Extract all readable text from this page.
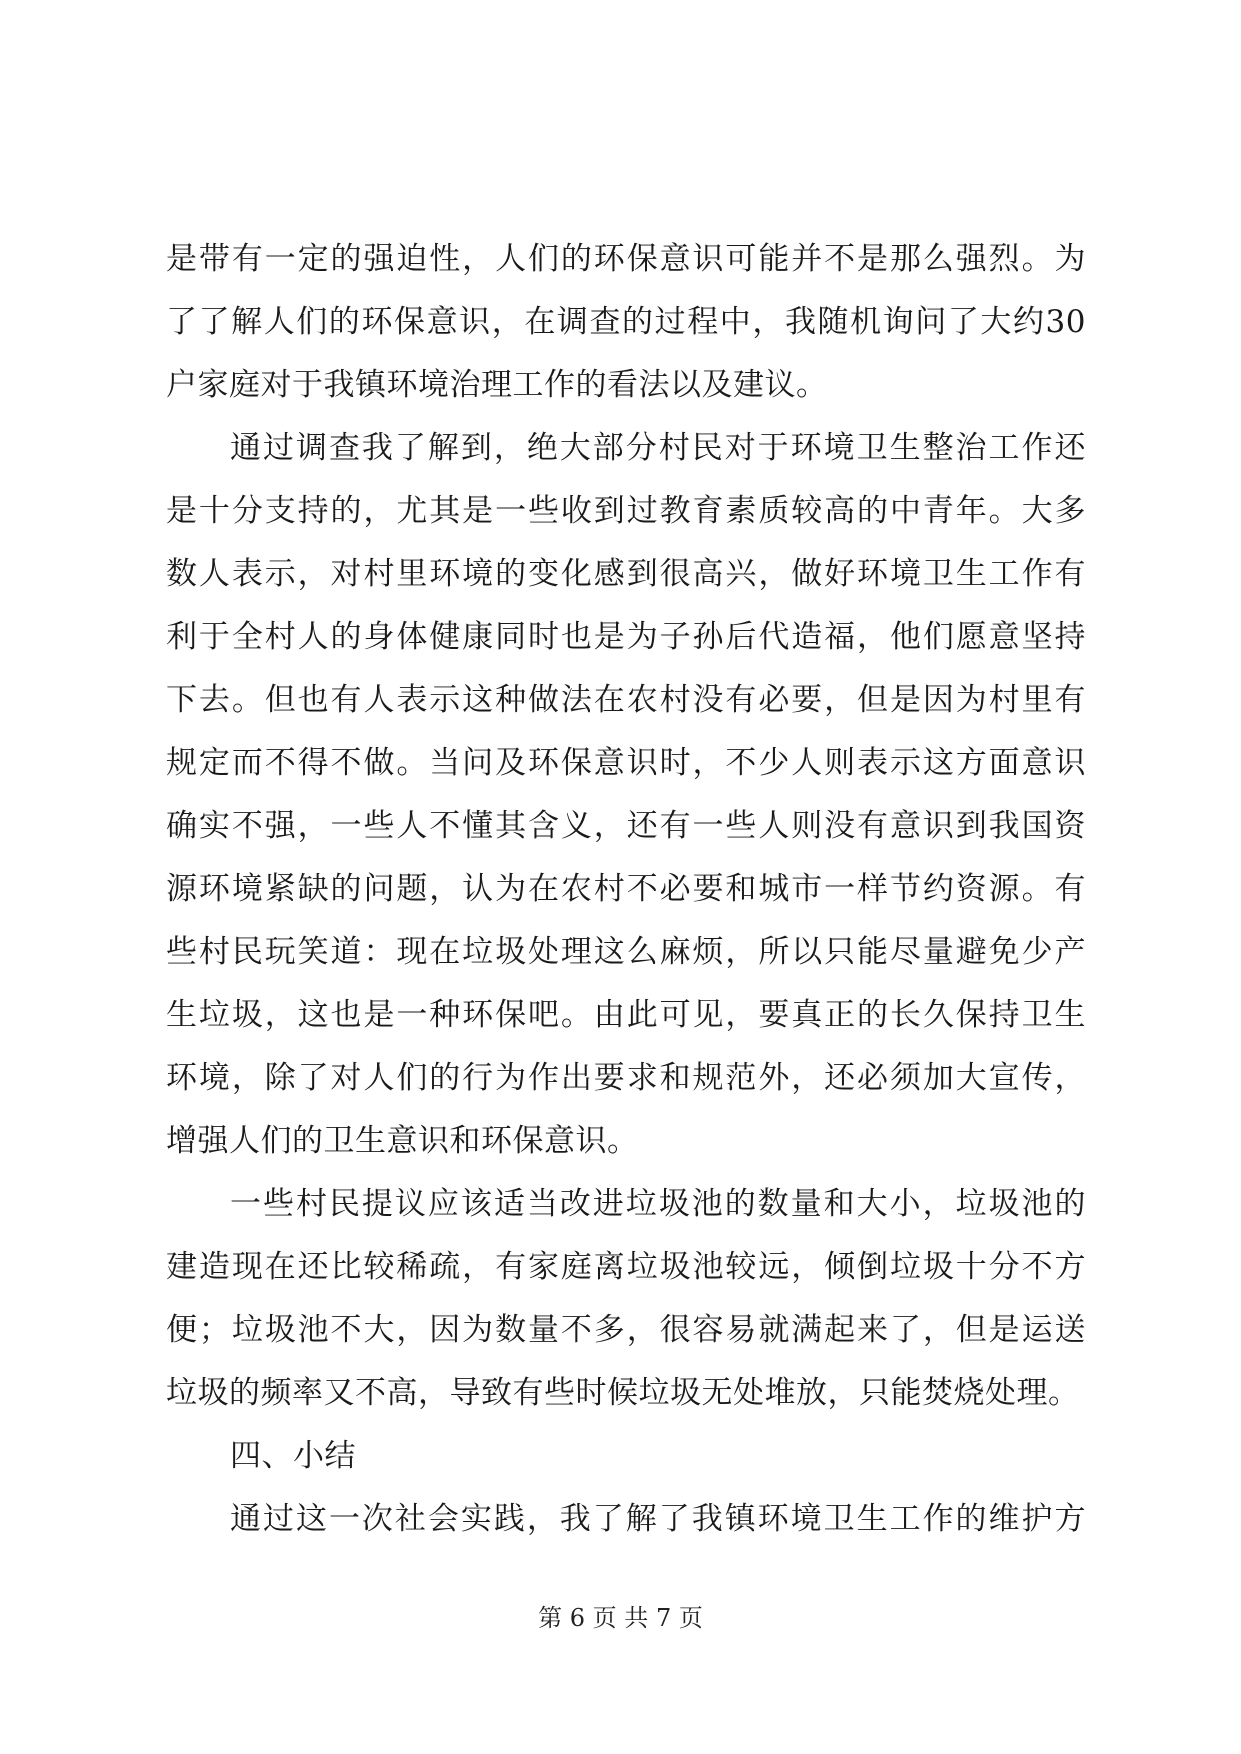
是带有一定的强迫性，人们的环保意识可能并不是那么强烈。为
了了解人们的环保意识，在调查的过程中，我随机询问了大约30
户家庭对于我镇环境治理工作的看法以及建议。
通过调查我了解到，绝大部分村民对于环境卫生整治工作还
是十分支持的，尤其是一些收到过教育素质较高的中青年。大多
数人表示，对村里环境的变化感到很高兴，做好环境卫生工作有
利于全村人的身体健康同时也是为子孙后代造福，他们愿意坚持
下去。但也有人表示这种做法在农村没有必要，但是因为村里有
规定而不得不做。当问及环保意识时，不少人则表示这方面意识
确实不强，一些人不懂其含义，还有一些人则没有意识到我国资
源环境紧缺的问题，认为在农村不必要和城市一样节约资源。有
些村民玩笑道：现在垃圾处理这么麻烦，所以只能尽量避免少产
生垃圾，这也是一种环保吧。由此可见，要真正的长久保持卫生
环境，除了对人们的行为作出要求和规范外，还必须加大宣传，
增强人们的卫生意识和环保意识。
一些村民提议应该适当改进垃圾池的数量和大小，垃圾池的
建造现在还比较稀疏，有家庭离垃圾池较远，倾倒垃圾十分不方
便；垃圾池不大，因为数量不多，很容易就满起来了，但是运送
垃圾的频率又不高，导致有些时候垃圾无处堆放，只能焚烧处理。
四、小结
通过这一次社会实践，我了解了我镇环境卫生工作的维护方
第 6 页 共 7 页
